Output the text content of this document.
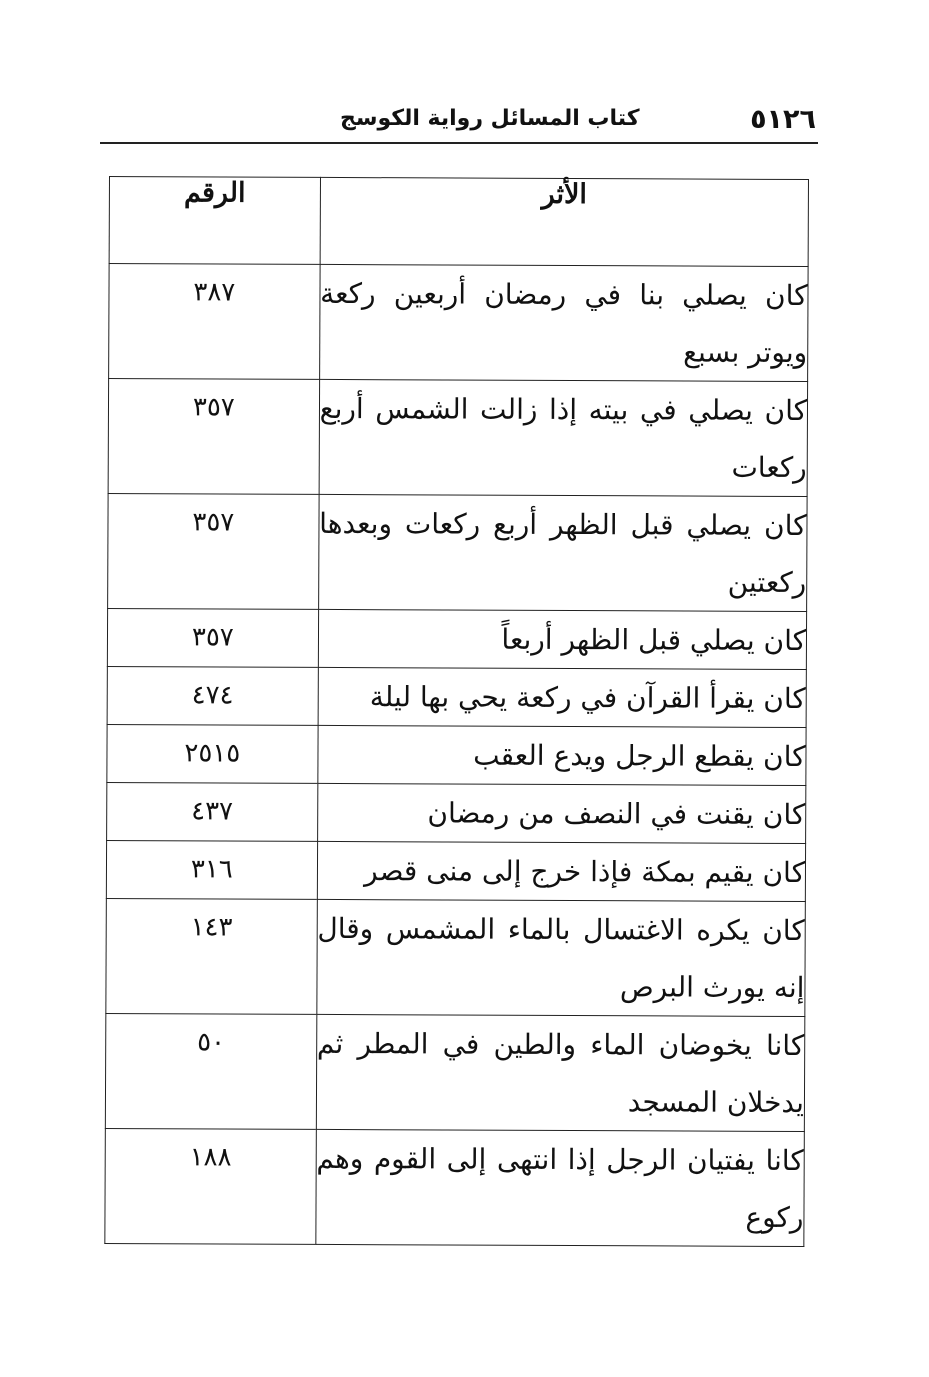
٥١٢٦
كتاب المسائل رواية الكوسج
الأثر	الرقم
كان يصلي بنا في رمضان أربعين ركعة ويوتر بسبع	٣٨٧
كان يصلي في بيته إذا زالت الشمس أربع ركعات	٣٥٧
كان يصلي قبل الظهر أربع ركعات وبعدها ركعتين	٣٥٧
كان يصلي قبل الظهر أربعاً	٣٥٧
كان يقرأ القرآن في ركعة يحي بها ليلة	٤٧٤
كان يقطع الرجل ويدع العقب	٢٥١٥
كان يقنت في النصف من رمضان	٤٣٧
كان يقيم بمكة فإذا خرج إلى منى قصر	٣١٦
كان يكره الاغتسال بالماء المشمس وقال إنه يورث البرص	١٤٣
كانا يخوضان الماء والطين في المطر ثم يدخلان المسجد	٥٠
كانا يفتيان الرجل إذا انتهى إلى القوم وهم ركوع	١٨٨
